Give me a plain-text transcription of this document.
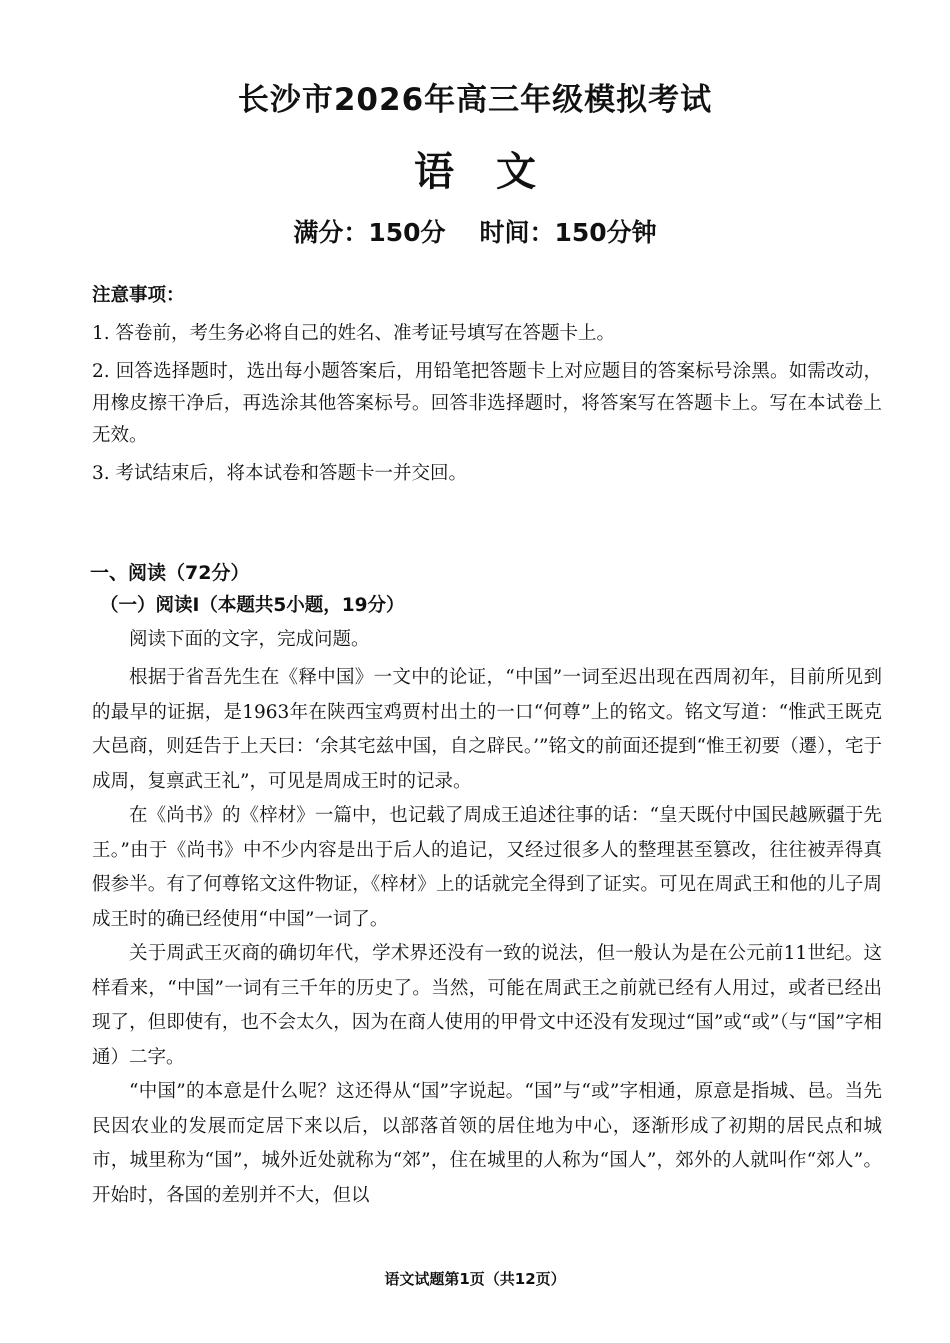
长沙市2026年高三年级模拟考试
语 文
满分：150分 时间：150分钟
注意事项：

1. 答卷前，考生务必将自己的姓名、准考证号填写在答题卡上。

2. 回答选择题时，选出每小题答案后，用铅笔把答题卡上对应题目的答案标号涂黑。如需改动，用橡皮擦干净后，再选涂其他答案标号。回答非选择题时，将答案写在答题卡上。写在本试卷上无效。

3. 考试结束后，将本试卷和答题卡一并交回。

一、阅读（72分）
（一）阅读Ⅰ（本题共5小题，19分）

阅读下面的文字，完成问题。

根据于省吾先生在《释中国》一文中的论证，“中国”一词至迟出现在西周初年，目前所见到的最早的证据，是1963年在陕西宝鸡贾村出土的一口“何尊”上的铭文。铭文写道：“惟武王既克大邑商，则廷告于上天曰：‘余其宅兹中国，自之辟民。’”铭文的前面还提到“惟王初要（遷），宅于成周，复禀武王礼”，可见是周成王时的记录。

在《尚书》的《梓材》一篇中，也记载了周成王追述往事的话：“皇天既付中国民越厥疆于先王。”由于《尚书》中不少内容是出于后人的追记，又经过很多人的整理甚至篡改，往往被弄得真假参半。有了何尊铭文这件物证，《梓材》上的话就完全得到了证实。可见在周武王和他的儿子周成王时的确已经使用“中国”一词了。

关于周武王灭商的确切年代，学术界还没有一致的说法，但一般认为是在公元前11世纪。这样看来，“中国”一词有三千年的历史了。当然，可能在周武王之前就已经有人用过，或者已经出现了，但即使有，也不会太久，因为在商人使用的甲骨文中还没有发现过“国”或“或”（与“国”字相通）二字。

“中国”的本意是什么呢？这还得从“国”字说起。“国”与“或”字相通，原意是指城、邑。当先民因农业的发展而定居下来以后，以部落首领的居住地为中心，逐渐形成了初期的居民点和城市，城里称为“国”，城外近处就称为“郊”，住在城里的人称为“国人”，郊外的人就叫作“郊人”。开始时，各国的差别并不大，但以

语文试题第1页（共12页）
